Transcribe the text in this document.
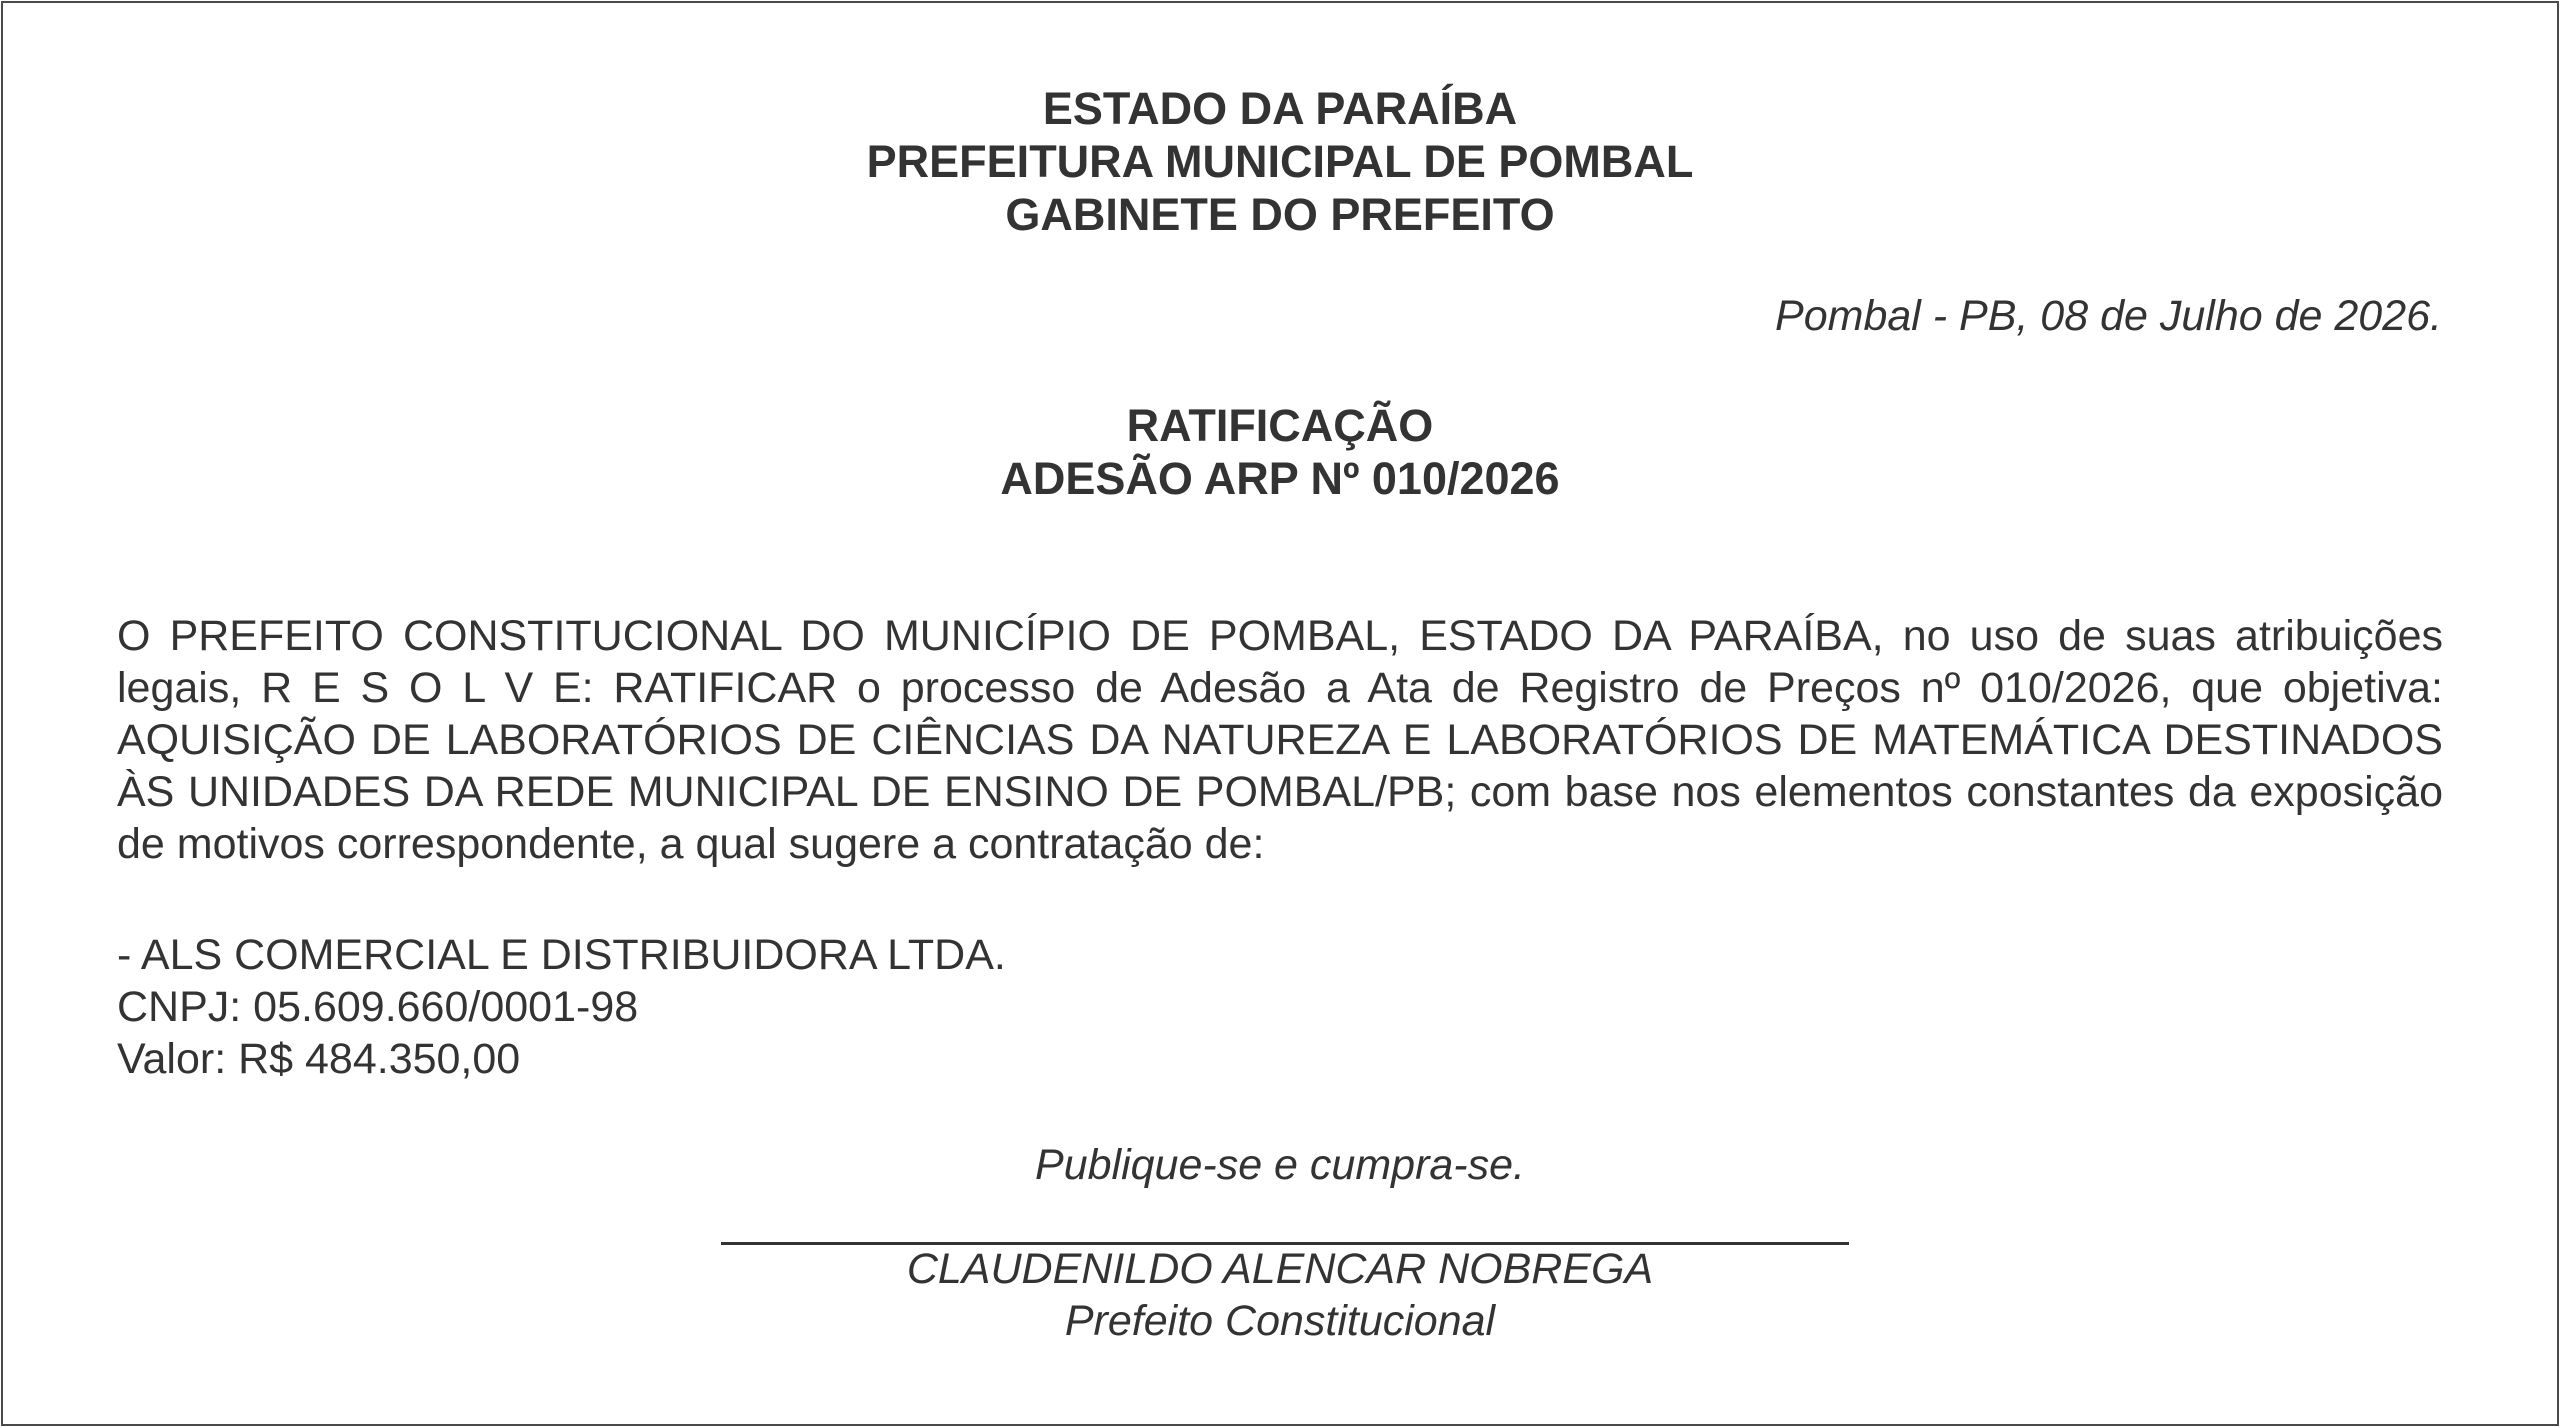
ESTADO DA PARAÍBA
PREFEITURA MUNICIPAL DE POMBAL
GABINETE DO PREFEITO
Pombal - PB, 08 de Julho de 2026.
RATIFICAÇÃO
ADESÃO ARP Nº 010/2026
O PREFEITO CONSTITUCIONAL DO MUNICÍPIO DE POMBAL, ESTADO DA PARAÍBA, no uso de suas atribuições legais, R E S O L V E: RATIFICAR o processo de Adesão a Ata de Registro de Preços nº 010/2026, que objetiva: AQUISIÇÃO DE LABORATÓRIOS DE CIÊNCIAS DA NATUREZA E LABORATÓRIOS DE MATEMÁTICA DESTINADOS ÀS UNIDADES DA REDE MUNICIPAL DE ENSINO DE POMBAL/PB; com base nos elementos constantes da exposição de motivos correspondente, a qual sugere a contratação de:
- ALS COMERCIAL E DISTRIBUIDORA LTDA.
CNPJ: 05.609.660/0001-98
Valor: R$ 484.350,00
Publique-se e cumpra-se.
CLAUDENILDO ALENCAR NOBREGA
Prefeito Constitucional
